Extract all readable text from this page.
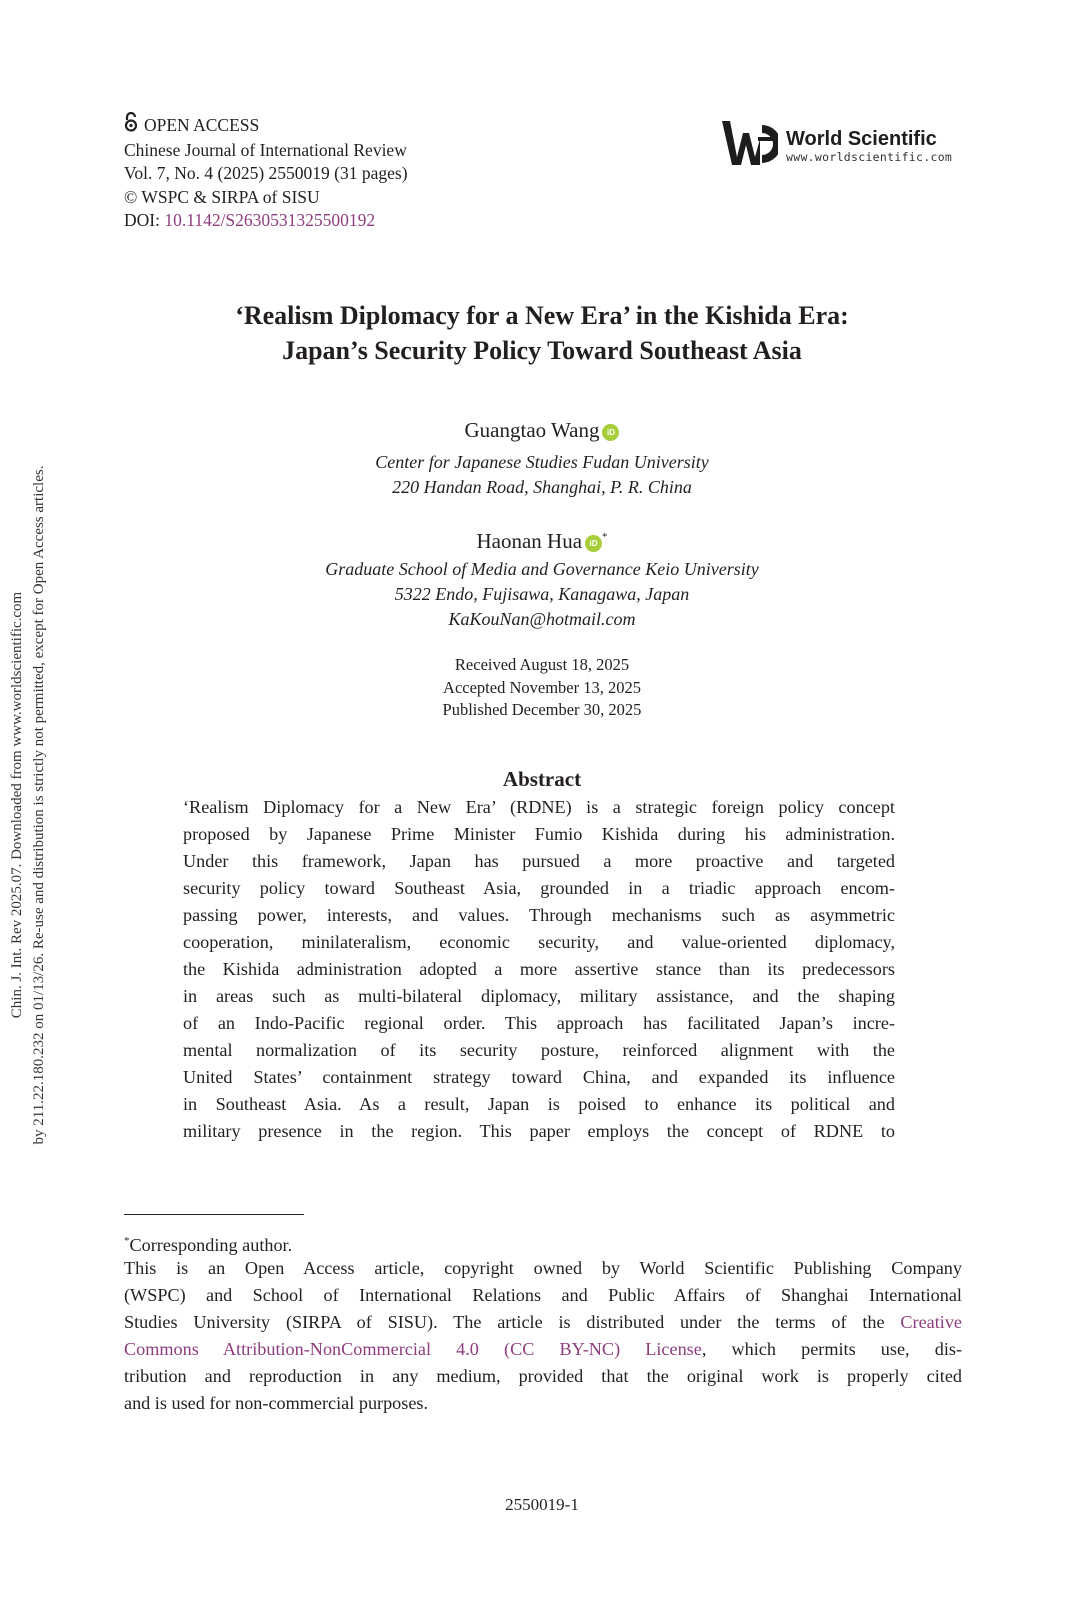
Chin. J. Int. Rev 2025.07. Downloaded from www.worldscientific.com by 211.22.180.232 on 01/13/26. Re-use and distribution is strictly not permitted, except for Open Access articles.
OPEN ACCESS
Chinese Journal of International Review
Vol. 7, No. 4 (2025) 2550019 (31 pages)
© WSPC & SIRPA of SISU
DOI: 10.1142/S2630531325500192
World Scientific
www.worldscientific.com
‘Realism Diplomacy for a New Era’ in the Kishida Era:
Japan’s Security Policy Toward Southeast Asia
Guangtao Wang iD
Center for Japanese Studies Fudan University
220 Handan Road, Shanghai, P. R. China
Haonan Hua iD*
Graduate School of Media and Governance Keio University
5322 Endo, Fujisawa, Kanagawa, Japan
KaKouNan@hotmail.com
Received August 18, 2025
Accepted November 13, 2025
Published December 30, 2025
Abstract
‘Realism Diplomacy for a New Era’ (RDNE) is a strategic foreign policy concept
proposed by Japanese Prime Minister Fumio Kishida during his administration.
Under this framework, Japan has pursued a more proactive and targeted
security policy toward Southeast Asia, grounded in a triadic approach encom-
passing power, interests, and values. Through mechanisms such as asymmetric
cooperation, minilateralism, economic security, and value-oriented diplomacy,
the Kishida administration adopted a more assertive stance than its predecessors
in areas such as multi-bilateral diplomacy, military assistance, and the shaping
of an Indo-Pacific regional order. This approach has facilitated Japan’s incre-
mental normalization of its security posture, reinforced alignment with the
United States’ containment strategy toward China, and expanded its influence
in Southeast Asia. As a result, Japan is poised to enhance its political and
military presence in the region. This paper employs the concept of RDNE to
*Corresponding author.
This is an Open Access article, copyright owned by World Scientific Publishing Company
(WSPC) and School of International Relations and Public Affairs of Shanghai International
Studies University (SIRPA of SISU). The article is distributed under the terms of the Creative
Commons Attribution-NonCommercial 4.0 (CC BY-NC) License, which permits use, dis-
tribution and reproduction in any medium, provided that the original work is properly cited
and is used for non-commercial purposes.
2550019-1
